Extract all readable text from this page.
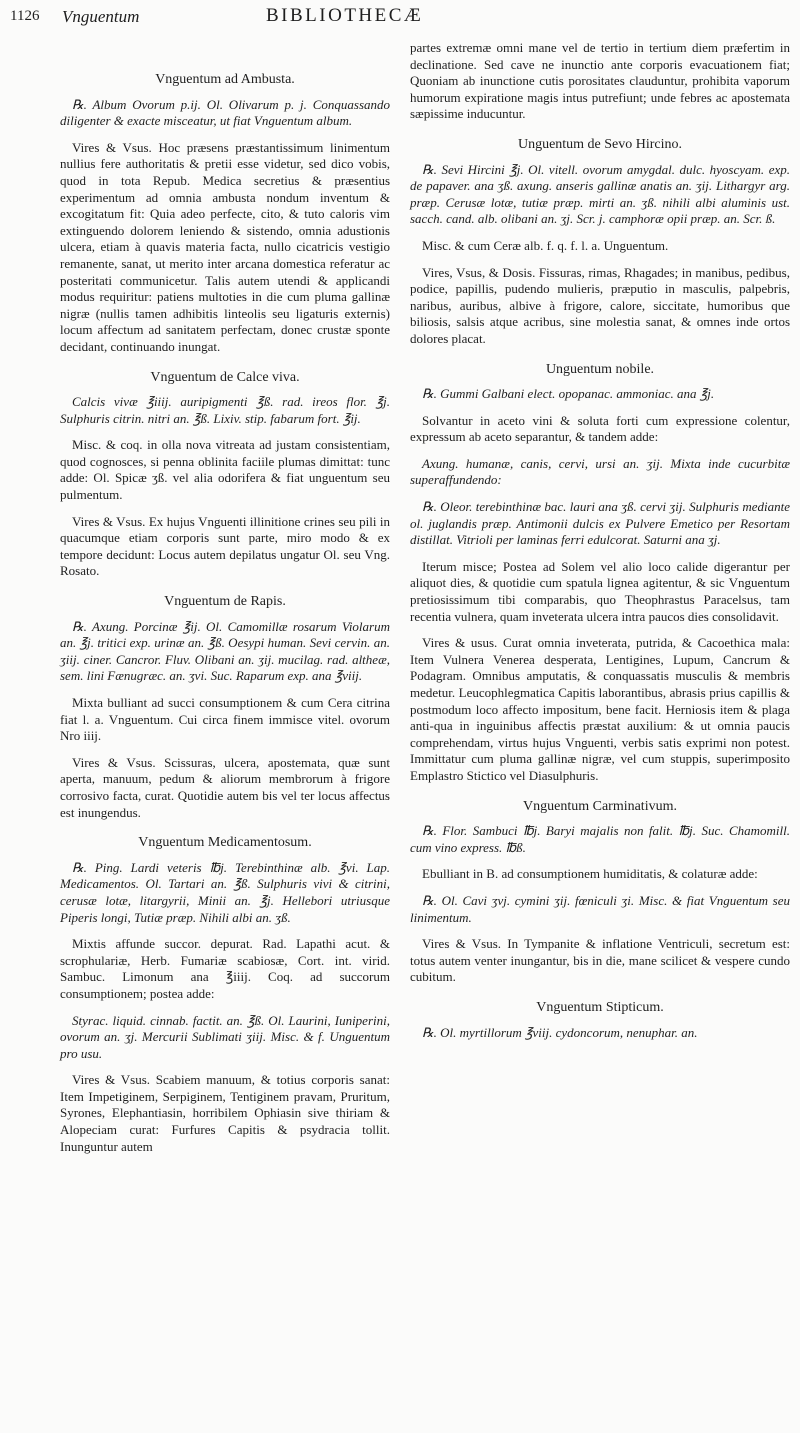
1126 Vnguentum	BIBLIOTHECÆ
Vnguentum ad Ambusta.

℞. Album Ovorum p.ij. Ol. Olivarum p. j. Conquassando diligenter & exacte misceatur, ut fiat Vnguentum album.

Vires & Vsus. Hoc præsens præstantissimum linimentum nullius fere authoritatis & pretii esse videtur, sed dico vobis, quod in tota Repub. Medica secretius & præsentius experimentum ad omnia ambusta nondum inventum & excogitatum fit: Quia adeo perfecte, cito, & tuto caloris vim extinguendo dolorem leniendo & sistendo, omnia adustionis ulcera, etiam à quavis materia facta, nullo cicatricis vestigio remanente, sanat, ut merito inter arcana domestica referatur ac posteritati communicetur. Talis autem utendi & applicandi modus requiritur: patiens multoties in die cum pluma gallinæ nigræ (nullis tamen adhibitis linteolis seu ligaturis externis) locum affectum ad sanitatem perfectam, donec crustæ sponte decidant, continuando inungat.

Vnguentum de Calce viva.

Calcis vivæ ℥iiij. auripigmenti ℥ß. rad. ireos flor. ℥j. Sulphuris citrin. nitri an. ℥ß. Lixiv. stip. fabarum fort. ℥ij.

Misc. & coq. in olla nova vitreata ad justam consistentiam, quod cognosces, si penna oblinita faciile plumas dimittat: tunc adde: Ol. Spicæ ʒß. vel alia odorifera & fiat unguentum seu pulmentum.

Vires & Vsus. Ex hujus Vnguenti illinitione crines seu pili in quacumque etiam corporis sunt parte, miro modo & ex tempore decidunt: Locus autem depilatus ungatur Ol. seu Vng. Rosato.

Vnguentum de Rapis.

℞. Axung. Porcinæ ℥ij. Ol. Camomillæ rosarum Violarum an. ℥j. tritici exp. urinæ an. ℥ß. Oesypi human. Sevi cervin. an. ʒiij. ciner. Cancror. Fluv. Olibani an. ʒij. mucilag. rad. altheæ, sem. lini Fænugræc. an. ʒvi. Suc. Raparum exp. ana ℥viij.

Mixta bulliant ad succi consumptionem & cum Cera citrina fiat l. a. Vnguentum. Cui circa finem immisce vitel. ovorum Nro iiij.

Vires & Vsus. Scissuras, ulcera, apostemata, quæ sunt aperta, manuum, pedum & aliorum membrorum à frigore corrosivo facta, curat. Quotidie autem bis vel ter locus affectus est inungendus.

Vnguentum Medicamentosum.

℞. Ping. Lardi veteris ℔j. Terebinthinæ alb. ℥vi. Lap. Medicamentos. Ol. Tartari an. ℥ß. Sulphuris vivi & citrini, cerusæ lotæ, litargyrii, Minii an. ℥j. Hellebori utriusque Piperis longi, Tutiæ præp. Nihili albi an. ʒß.

Mixtis affunde succor. depurat. Rad. Lapathi acut. & scrophulariæ, Herb. Fumariæ scabiosæ, Cort. int. virid. Sambuc. Limonum ana ℥iiij. Coq. ad succorum consumptionem; postea adde:

Styrac. liquid. cinnab. factit. an. ℥ß. Ol. Laurini, Iuniperini, ovorum an. ʒj. Mercurii Sublimati ʒiij. Misc. & f. Unguentum pro usu.

Vires & Vsus. Scabiem manuum, & totius corporis sanat: Item Impetiginem, Serpiginem, Tentiginem pravam, Pruritum, Syrones, Elephantiasin, horribilem Ophiasin sive thiriam & Alopeciam curat: Furfures Capitis & psydracia tollit. Inunguntur autem

partes extremæ omni mane vel de tertio in tertium diem præfertim in declinatione. Sed cave ne inunctio ante corporis evacuationem fiat; Quoniam ab inunctione cutis porositates clauduntur, prohibita vaporum humorum expiratione magis intus putrefiunt; unde febres ac apostemata sæpissime inducuntur.

Unguentum de Sevo Hircino.

℞. Sevi Hircini ℥j. Ol. vitell. ovorum amygdal. dulc. hyoscyam. exp. de papaver. ana ʒß. axung. anseris gallinæ anatis an. ʒij. Lithargyr arg. præp. Cerusæ lotæ, tutiæ præp. mirti an. ʒß. nihili albi aluminis ust. sacch. cand. alb. olibani an. ʒj. Scr. j. camphoræ opii præp. an. Scr. ß.

Misc. & cum Ceræ alb. f. q. f. l. a. Unguentum.

Vires, Vsus, & Dosis. Fissuras, rimas, Rhagades; in manibus, pedibus, podice, papillis, pudendo mulieris, præputio in masculis, palpebris, naribus, auribus, albive à frigore, calore, siccitate, humoribus que biliosis, salsis atque acribus, sine molestia sanat, & omnes inde ortos dolores placat.

Unguentum nobile.

℞. Gummi Galbani elect. opopanac. ammoniac. ana ℥j.

Solvantur in aceto vini & soluta forti cum expressione colentur, expressum ab aceto separantur, & tandem adde:

Axung. humanæ, canis, cervi, ursi an. ʒij. Mixta inde cucurbitæ superaffundendo:

℞. Oleor. terebinthinæ bac. lauri ana ʒß. cervi ʒij. Sulphuris mediante ol. juglandis præp. Antimonii dulcis ex Pulvere Emetico per Resortam distillat. Vitrioli per laminas ferri edulcorat. Saturni ana ʒj.

Iterum misce; Postea ad Solem vel alio loco calide digerantur per aliquot dies, & quotidie cum spatula lignea agitentur, & sic Vnguentum pretiosissimum tibi comparabis, quo Theophrastus Paracelsus, tam recentia vulnera, quam inveterata ulcera intra paucos dies consolidavit.

Vires & usus. Curat omnia inveterata, putrida, & Cacoethica mala: Item Vulnera Venerea desperata, Lentigines, Lupum, Cancrum & Podagram. Omnibus amputatis, & conquassatis musculis & membris medetur. Leucophlegmatica Capitis laborantibus, abrasis prius capillis & postmodum loco affecto impositum, bene facit. Herniosis item & plaga anti-qua in inguinibus affectis præstat auxilium: & ut omnia paucis comprehendam, virtus hujus Vnguenti, verbis satis exprimi non potest. Immittatur cum pluma gallinæ nigræ, vel cum stuppis, superimposito Emplastro Stictico vel Diasulphuris.

Vnguentum Carminativum.

℞. Flor. Sambuci ℔j. Baryi majalis non falit. ℔j. Suc. Chamomill. cum vino express. ℔ß.

Ebulliant in B. ad consumptionem humiditatis, & colaturæ adde:

℞. Ol. Cavi ʒvj. cymini ʒij. fœniculi ʒi. Misc. & fiat Vnguentum seu linimentum.

Vires & Vsus. In Tympanite & inflatione Ventriculi, secretum est: totus autem venter inungantur, bis in die, mane scilicet & vespere cundo cubitum.

Vnguentum Stipticum.

℞. Ol. myrtillorum ℥viij. cydoncorum, nenuphar. an.
